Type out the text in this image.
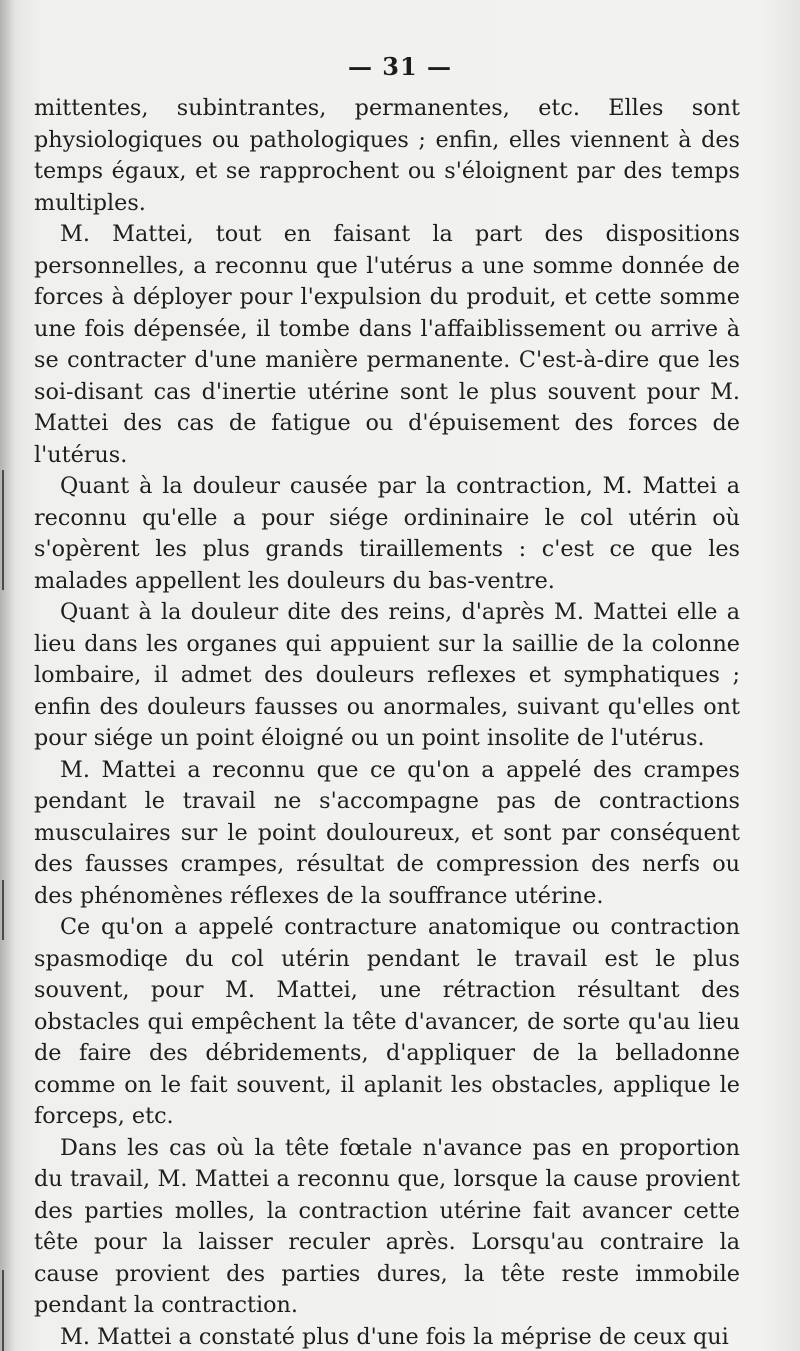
— 31 —

mittentes, subintrantes, permanentes, etc. Elles sont physiologiques ou pathologiques ; enfin, elles viennent à des temps égaux, et se rapprochent ou s'éloignent par des temps multiples.

M. Mattei, tout en faisant la part des dispositions personnelles, a reconnu que l'utérus a une somme donnée de forces à déployer pour l'expulsion du produit, et cette somme une fois dépensée, il tombe dans l'affaiblissement ou arrive à se contracter d'une manière permanente. C'est-à-dire que les soi-disant cas d'inertie utérine sont le plus souvent pour M. Mattei des cas de fatigue ou d'épuisement des forces de l'utérus.

Quant à la douleur causée par la contraction, M. Mattei a reconnu qu'elle a pour siége ordininaire le col utérin où s'opèrent les plus grands tiraillements : c'est ce que les malades appellent les douleurs du bas-ventre.

Quant à la douleur dite des reins, d'après M. Mattei elle a lieu dans les organes qui appuient sur la saillie de la colonne lombaire, il admet des douleurs reflexes et symphatiques ; enfin des douleurs fausses ou anormales, suivant qu'elles ont pour siége un point éloigné ou un point insolite de l'utérus.

M. Mattei a reconnu que ce qu'on a appelé des crampes pendant le travail ne s'accompagne pas de contractions musculaires sur le point douloureux, et sont par conséquent des fausses crampes, résultat de compression des nerfs ou des phénomènes réflexes de la souffrance utérine.

Ce qu'on a appelé contracture anatomique ou contraction spasmodiqe du col utérin pendant le travail est le plus souvent, pour M. Mattei, une rétraction résultant des obstacles qui empêchent la tête d'avancer, de sorte qu'au lieu de faire des débridements, d'appliquer de la belladonne comme on le fait souvent, il aplanit les obstacles, applique le forceps, etc.

Dans les cas où la tête fœtale n'avance pas en proportion du travail, M. Mattei a reconnu que, lorsque la cause provient des parties molles, la contraction utérine fait avancer cette tête pour la laisser reculer après. Lorsqu'au contraire la cause provient des parties dures, la tête reste immobile pendant la contraction.

M. Mattei a constaté plus d'une fois la méprise de ceux qui
